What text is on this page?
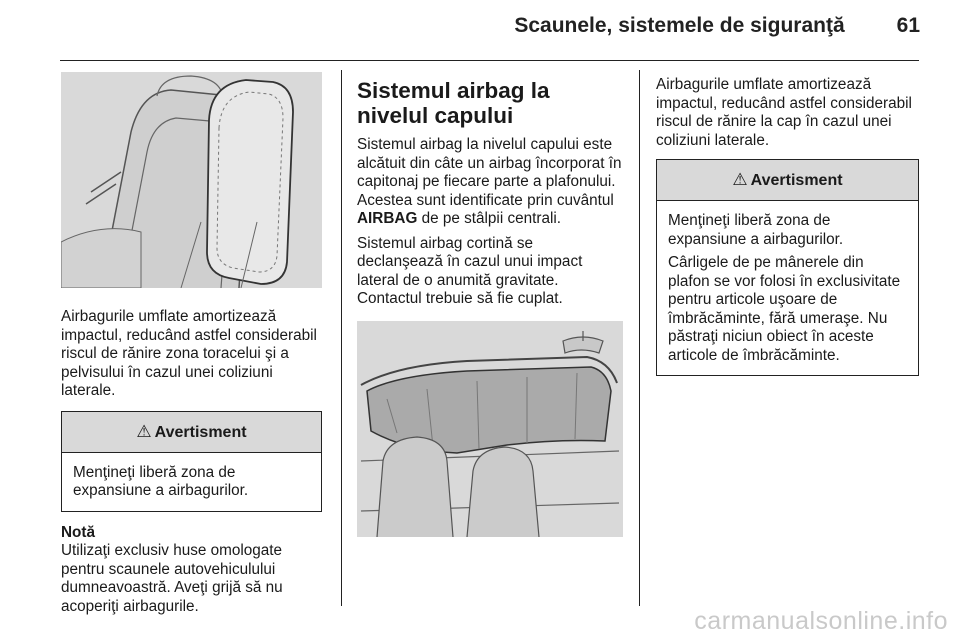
Scaunele, sistemele de siguranţă 61

Airbagurile umflate amortizează impactul, reducând astfel considerabil riscul de rănire zona toracelui şi a pelvisului în cazul unei coliziuni laterale.

⚠ Avertisment

Menţineţi liberă zona de expansiune a airbagurilor.

Notă

Utilizaţi exclusiv huse omologate pentru scaunele autovehiculului dumneavoastră. Aveţi grijă să nu acoperiţi airbagurile.

Sistemul airbag la nivelul capului

Sistemul airbag la nivelul capului este alcătuit din câte un airbag încorporat în capitonaj pe fiecare parte a plafonului. Acestea sunt identificate prin cuvântul AIRBAG de pe stâlpii centrali.

Sistemul airbag cortină se declanşează în cazul unui impact lateral de o anumită gravitate. Contactul trebuie să fie cuplat.

Airbagurile umflate amortizează impactul, reducând astfel considerabil riscul de rănire la cap în cazul unei coliziuni laterale.

⚠ Avertisment

Menţineţi liberă zona de expansiune a airbagurilor.

Cârligele de pe mânerele din plafon se vor folosi în exclusivitate pentru articole uşoare de îmbrăcăminte, fără umeraşe. Nu păstraţi niciun obiect în aceste articole de îmbrăcăminte.

carmanualsonline.info
